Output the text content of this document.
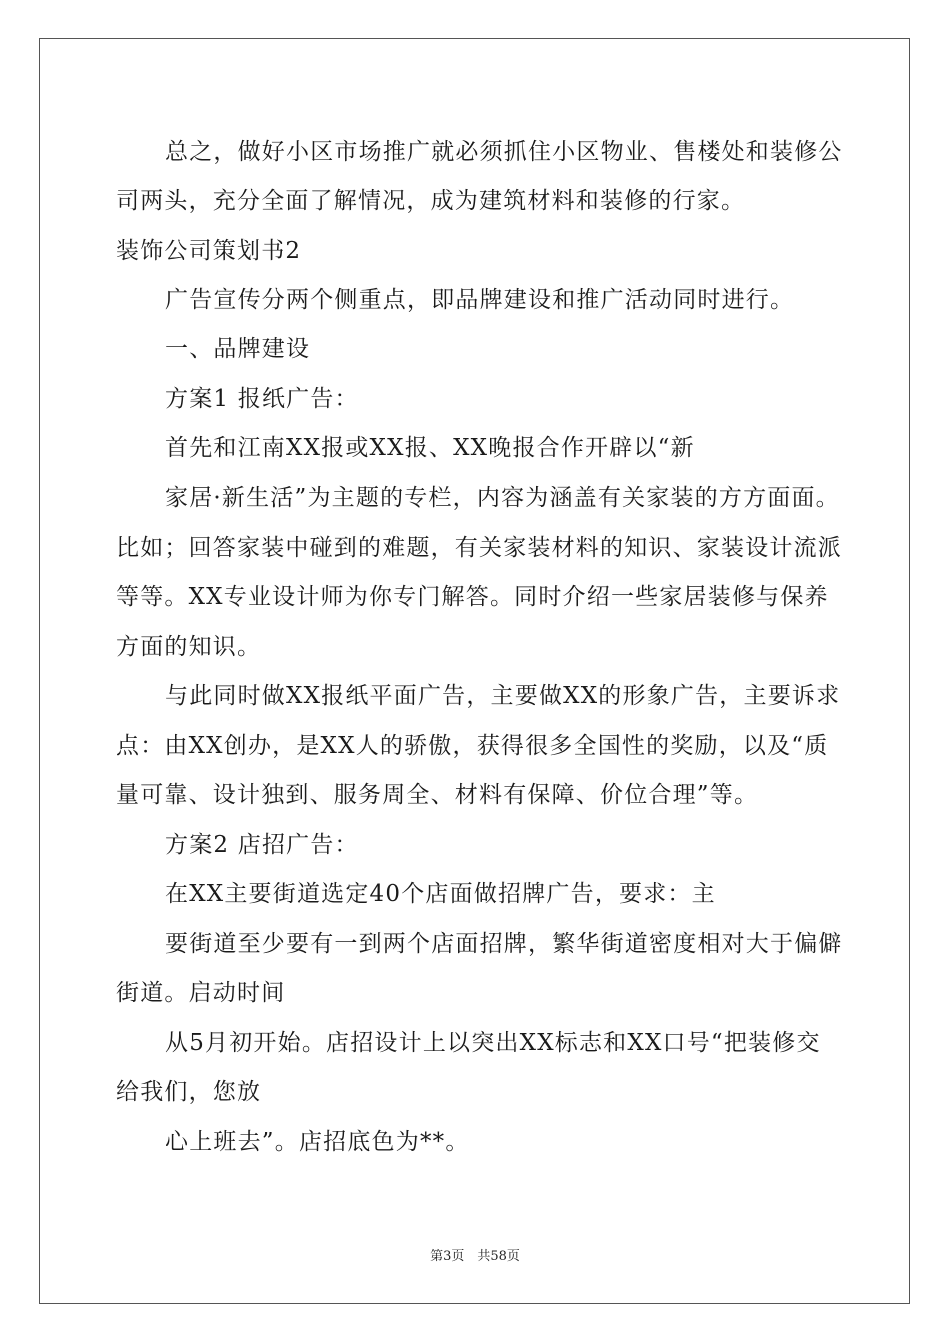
总之，做好小区市场推广就必须抓住小区物业、售楼处和装修公
司两头，充分全面了解情况，成为建筑材料和装修的行家。
装饰公司策划书2
广告宣传分两个侧重点，即品牌建设和推广活动同时进行。
一、品牌建设
方案1 报纸广告：
首先和江南XX报或XX报、XX晚报合作开辟以“新
家居·新生活”为主题的专栏，内容为涵盖有关家装的方方面面。
比如；回答家装中碰到的难题，有关家装材料的知识、家装设计流派
等等。XX专业设计师为你专门解答。同时介绍一些家居装修与保养
方面的知识。
与此同时做XX报纸平面广告，主要做XX的形象广告，主要诉求
点：由XX创办，是XX人的骄傲，获得很多全国性的奖励，以及“质
量可靠、设计独到、服务周全、材料有保障、价位合理”等。
方案2 店招广告：
在XX主要街道选定40个店面做招牌广告，要求：主
要街道至少要有一到两个店面招牌，繁华街道密度相对大于偏僻
街道。启动时间
从5月初开始。店招设计上以突出XX标志和XX口号“把装修交
给我们，您放
心上班去”。店招底色为**。
第3页　共58页
